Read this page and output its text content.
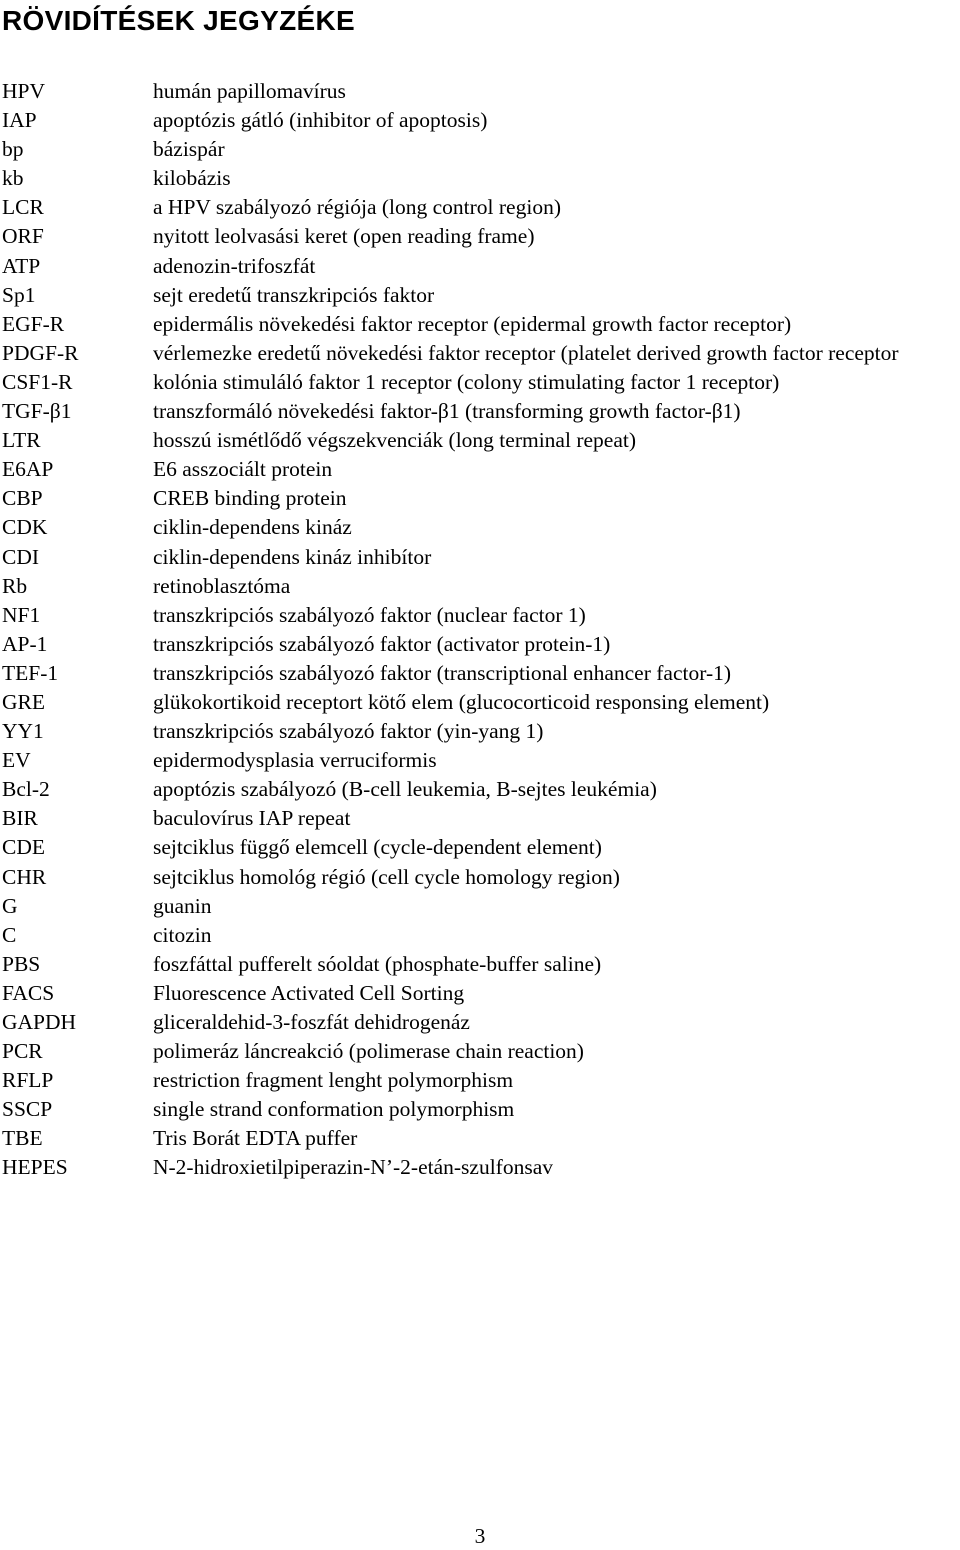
RÖVIDÍTÉSEK JEGYZÉKE
HPV	humán papillomavírus
IAP	apoptózis gátló (inhibitor of apoptosis)
bp	bázispár
kb	kilobázis
LCR	a HPV szabályozó régiója (long control region)
ORF	nyitott leolvasási keret (open reading frame)
ATP	adenozin-trifoszfát
Sp1	sejt eredetű transzkripciós faktor
EGF-R	epidermális növekedési faktor receptor (epidermal growth factor receptor)
PDGF-R	vérlemezke eredetű növekedési faktor receptor (platelet derived growth factor receptor
CSF1-R	kolónia stimuláló faktor 1 receptor (colony stimulating factor 1 receptor)
TGF-β1	transzformáló növekedési faktor-β1 (transforming growth factor-β1)
LTR	hosszú ismétlődő végszekvenciák (long terminal repeat)
E6AP	E6 asszociált protein
CBP	CREB binding protein
CDK	ciklin-dependens kináz
CDI	ciklin-dependens kináz inhibítor
Rb	retinoblasztóma
NF1	transzkripciós szabályozó faktor (nuclear factor 1)
AP-1	transzkripciós szabályozó faktor (activator protein-1)
TEF-1	transzkripciós szabályozó faktor (transcriptional enhancer factor-1)
GRE	glükokortikoid receptort kötő elem (glucocorticoid responsing element)
YY1	transzkripciós szabályozó faktor (yin-yang 1)
EV	epidermodysplasia verruciformis
Bcl-2	apoptózis szabályozó (B-cell leukemia, B-sejtes leukémia)
BIR	baculovírus IAP repeat
CDE	sejtciklus függő elemcell (cycle-dependent element)
CHR	sejtciklus homológ régió (cell cycle homology region)
G	guanin
C	citozin
PBS	foszfáttal pufferelt sóoldat (phosphate-buffer saline)
FACS	Fluorescence Activated Cell Sorting
GAPDH	gliceraldehid-3-foszfát dehidrogenáz
PCR	polimeráz láncreakció (polimerase chain reaction)
RFLP	restriction fragment lenght polymorphism
SSCP	single strand conformation polymorphism
TBE	Tris Borát EDTA puffer
HEPES	N-2-hidroxietilpiperazin-N’-2-etán-szulfonsav
3
